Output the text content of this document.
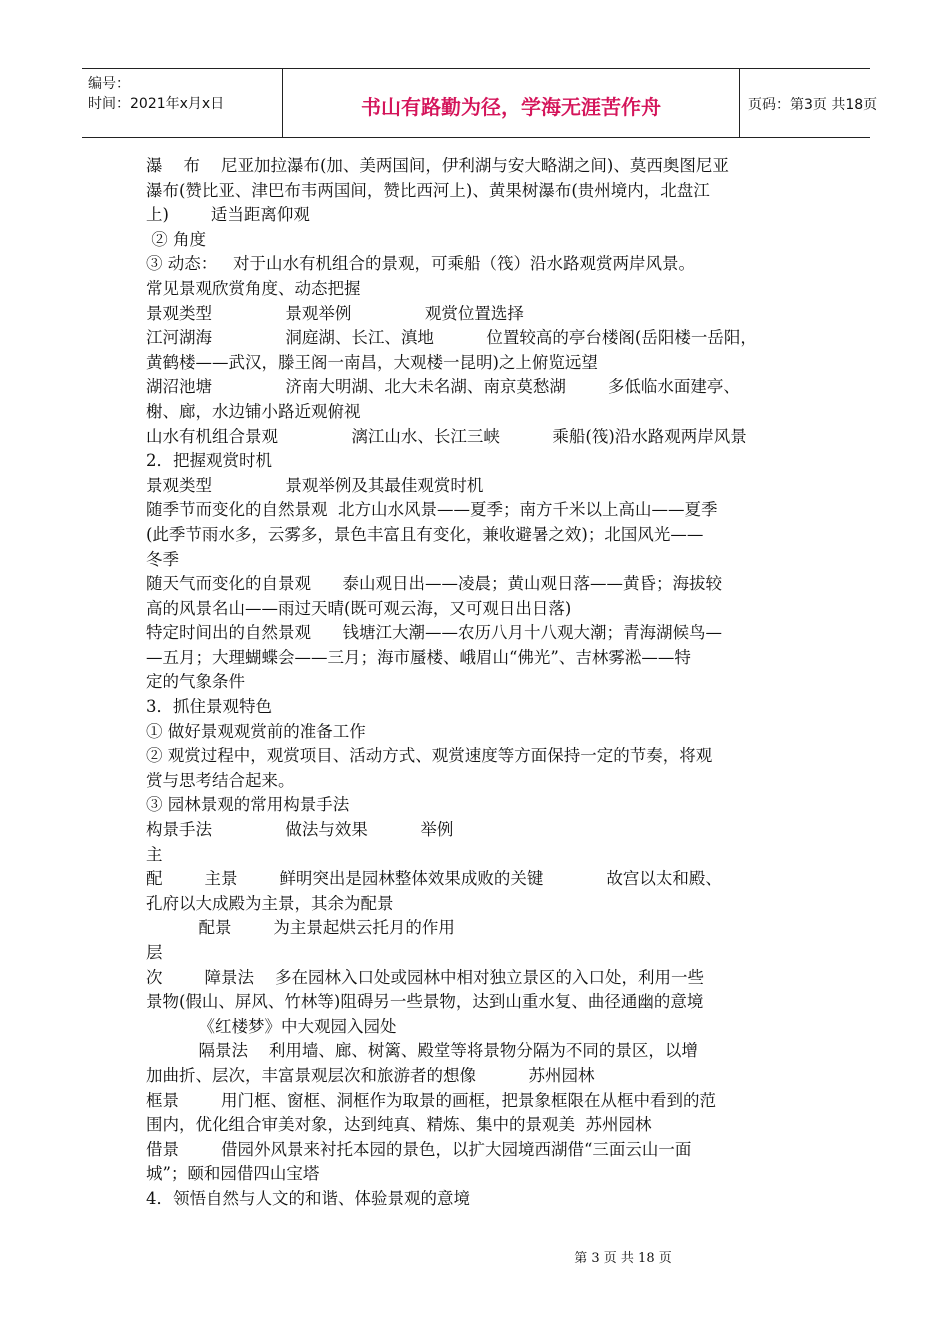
编号：
时间：2021年x月x日	书山有路勤为径，学海无涯苦作舟	页码：第3页 共18页
瀑    布    尼亚加拉瀑布(加、美两国间，伊利湖与安大略湖之间)、莫西奥图尼亚
瀑布(赞比亚、津巴布韦两国间，赞比西河上)、黄果树瀑布(贵州境内，北盘江
上)        适当距离仰观
② 角度
③ 动态：   对于山水有机组合的景观，可乘船（筏）沿水路观赏两岸风景。
常见景观欣赏角度、动态把握
景观类型              景观举例              观赏位置选择
江河湖海              洞庭湖、长江、滇地          位置较高的亭台楼阁(岳阳楼一岳阳，
黄鹤楼——武汉，滕王阁一南昌，大观楼一昆明)之上俯览远望
湖沼池塘              济南大明湖、北大未名湖、南京莫愁湖        多低临水面建亭、
榭、廊，水边铺小路近观俯视
山水有机组合景观              漓江山水、长江三峡          乘船(筏)沿水路观两岸风景
2．把握观赏时机
景观类型              景观举例及其最佳观赏时机
随季节而变化的自然景观  北方山水风景——夏季；南方千米以上高山——夏季
(此季节雨水多，云雾多，景色丰富且有变化，兼收避暑之效)；北国风光——
冬季
随天气而变化的自景观      泰山观日出——凌晨；黄山观日落——黄昏；海拔较
高的风景名山——雨过天晴(既可观云海，又可观日出日落)
特定时间出的自然景观      钱塘江大潮——农历八月十八观大潮；青海湖候鸟—
—五月；大理蝴蝶会——三月；海市蜃楼、峨眉山“佛光”、吉林雾淞——特
定的气象条件
3．抓住景观特色
① 做好景观观赏前的准备工作
② 观赏过程中，观赏项目、活动方式、观赏速度等方面保持一定的节奏，将观
赏与思考结合起来。
③ 园林景观的常用构景手法
构景手法              做法与效果          举例
主
配        主景        鲜明突出是园林整体效果成败的关键            故宫以太和殿、
孔府以大成殿为主景，其余为配景
配景        为主景起烘云托月的作用
层
次        障景法    多在园林入口处或园林中相对独立景区的入口处，利用一些
景物(假山、屏风、竹林等)阻碍另一些景物，达到山重水复、曲径通幽的意境
《红楼梦》中大观园入园处
隔景法    利用墙、廊、树篱、殿堂等将景物分隔为不同的景区，以增
加曲折、层次，丰富景观层次和旅游者的想像          苏州园林
框景        用门框、窗框、洞框作为取景的画框，把景象框限在从框中看到的范
围内，优化组合审美对象，达到纯真、精炼、集中的景观美  苏州园林
借景        借园外风景来衬托本园的景色，以扩大园境西湖借“三面云山一面
城”；颐和园借四山宝塔
4．领悟自然与人文的和谐、体验景观的意境
第 3 页 共 18 页
